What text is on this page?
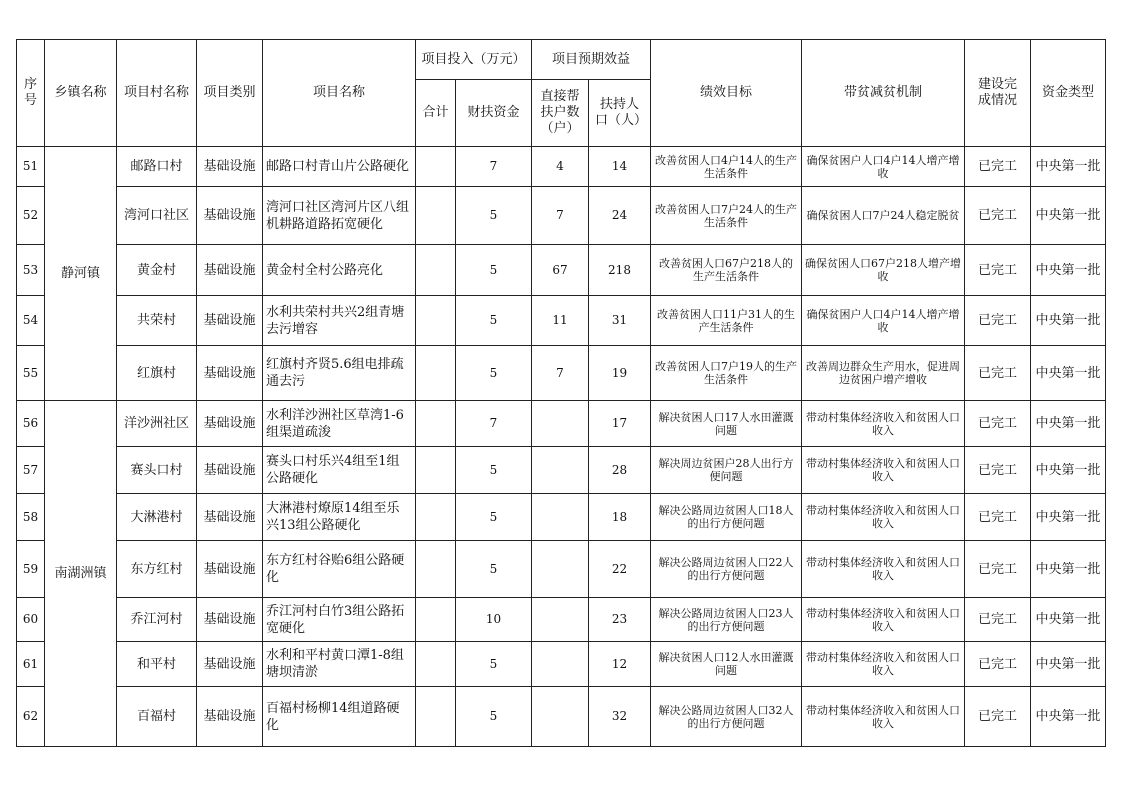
序号	乡镇名称	项目村名称	项目类别	项目名称	项目投入（万元）		项目预期效益		绩效目标	带贫减贫机制	建设完成情况	资金类型
					合计	财扶资金	直接帮扶户数（户）	扶持人口（人）				
51	静河镇	邮路口村	基础设施	邮路口村青山片公路硬化		7	4	14	改善贫困人口4户14人的生产生活条件	确保贫困户人口4户14人增产增收	已完工	中央第一批
52		湾河口社区	基础设施	湾河口社区湾河片区八组机耕路道路拓宽硬化		5	7	24	改善贫困人口7户24人的生产生活条件	确保贫困人口7户24人稳定脱贫	已完工	中央第一批
53		黄金村	基础设施	黄金村全村公路亮化		5	67	218	改善贫困人口67户218人的生产生活条件	确保贫困人口67户218人增产增收	已完工	中央第一批
54		共荣村	基础设施	水利共荣村共兴2组青塘去污增容		5	11	31	改善贫困人口11户31人的生产生活条件	确保贫困户人口4户14人增产增收	已完工	中央第一批
55		红旗村	基础设施	红旗村齐贤5.6组电排疏通去污		5	7	19	改善贫困人口7户19人的生产生活条件	改善周边群众生产用水，促进周边贫困户增产增收	已完工	中央第一批
56	南湖洲镇	洋沙洲社区	基础设施	水利洋沙洲社区草湾1-6组渠道疏浚		7		17	解决贫困人口17人水田灌溉问题	带动村集体经济收入和贫困人口收入	已完工	中央第一批
57		赛头口村	基础设施	赛头口村乐兴4组至1组公路硬化		5		28	解决周边贫困户28人出行方便问题	带动村集体经济收入和贫困人口收入	已完工	中央第一批
58		大淋港村	基础设施	大淋港村燎原14组至乐兴13组公路硬化		5		18	解决公路周边贫困人口18人的出行方便问题	带动村集体经济收入和贫困人口收入	已完工	中央第一批
59		东方红村	基础设施	东方红村谷贻6组公路硬化		5		22	解决公路周边贫困人口22人的出行方便问题	带动村集体经济收入和贫困人口收入	已完工	中央第一批
60		乔江河村	基础设施	乔江河村白竹3组公路拓宽硬化		10		23	解决公路周边贫困人口23人的出行方便问题	带动村集体经济收入和贫困人口收入	已完工	中央第一批
61		和平村	基础设施	水利和平村黄口潭1-8组塘坝清淤		5		12	解决贫困人口12人水田灌溉问题	带动村集体经济收入和贫困人口收入	已完工	中央第一批
62		百福村	基础设施	百福村杨柳14组道路硬化		5		32	解决公路周边贫困人口32人的出行方便问题	带动村集体经济收入和贫困人口收入	已完工	中央第一批
